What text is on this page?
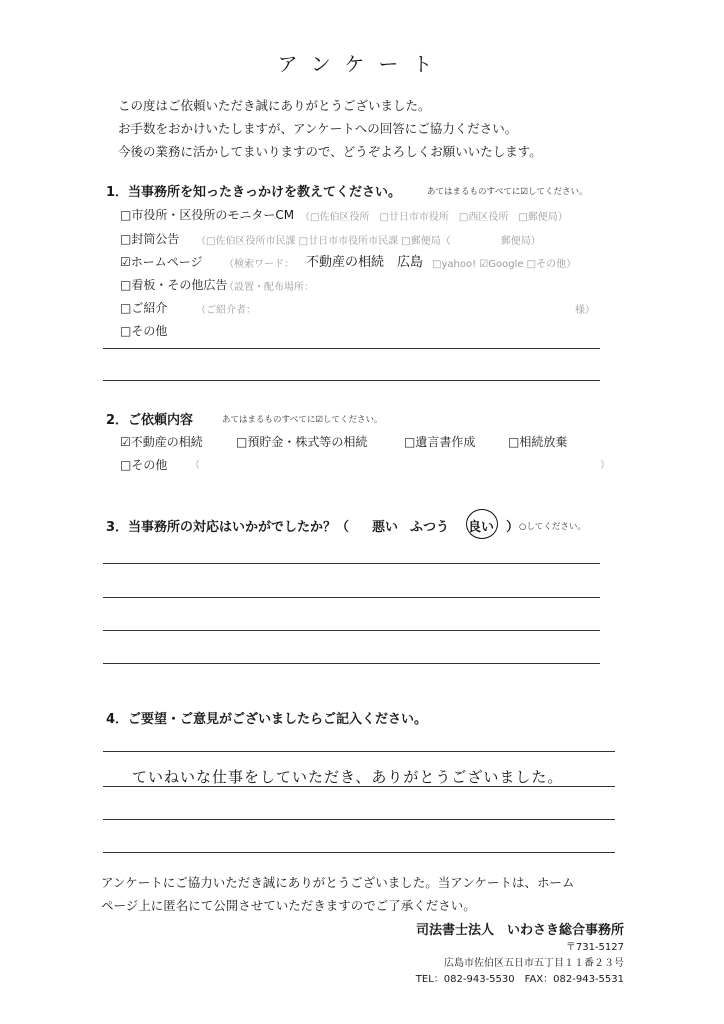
アンケート
この度はご依頼いただき誠にありがとうございました。
お手数をおかけいたしますが、アンケートへの回答にご協力ください。
今後の業務に活かしてまいりますので、どうぞよろしくお願いいたします。
1．当事務所を知ったきっかけを教えてください。	あてはまるものすべてに☑してください。
□市役所・区役所のモニターCM （□佐伯区役所　□廿日市市役所　□西区役所　□郵便局）
□封筒公告 （□佐伯区役所市民課 □廿日市市役所市民課 □郵便局（　　　　　郵便局）
☑ホームページ （検索ワード： 不動産の相続　広島 □yahoo! ☑Google □その他）
□看板・その他広告
（設置・配布場所：
□ご紹介	（ご紹介者：	様）
□その他
2．ご依頼内容	あてはまるものすべてに☑してください。
☑不動産の相続	□預貯金・株式等の相続	□遺言書作成	□相続放棄
□その他 （	）
3．当事務所の対応はいかがでしたか？（ 悪い ふつう 良い ） ○してください。
4．ご要望・ご意見がございましたらご記入ください。
ていねいな仕事をしていただき、ありがとうございました。
アンケートにご協力いただき誠にありがとうございました。当アンケートは、ホーム
ページ上に匿名にて公開させていただきますのでご了承ください。
司法書士法人　いわさき総合事務所
〒731-5127
広島市佐伯区五日市五丁目１１番２３号
TEL：082-943-5530　FAX：082-943-5531
